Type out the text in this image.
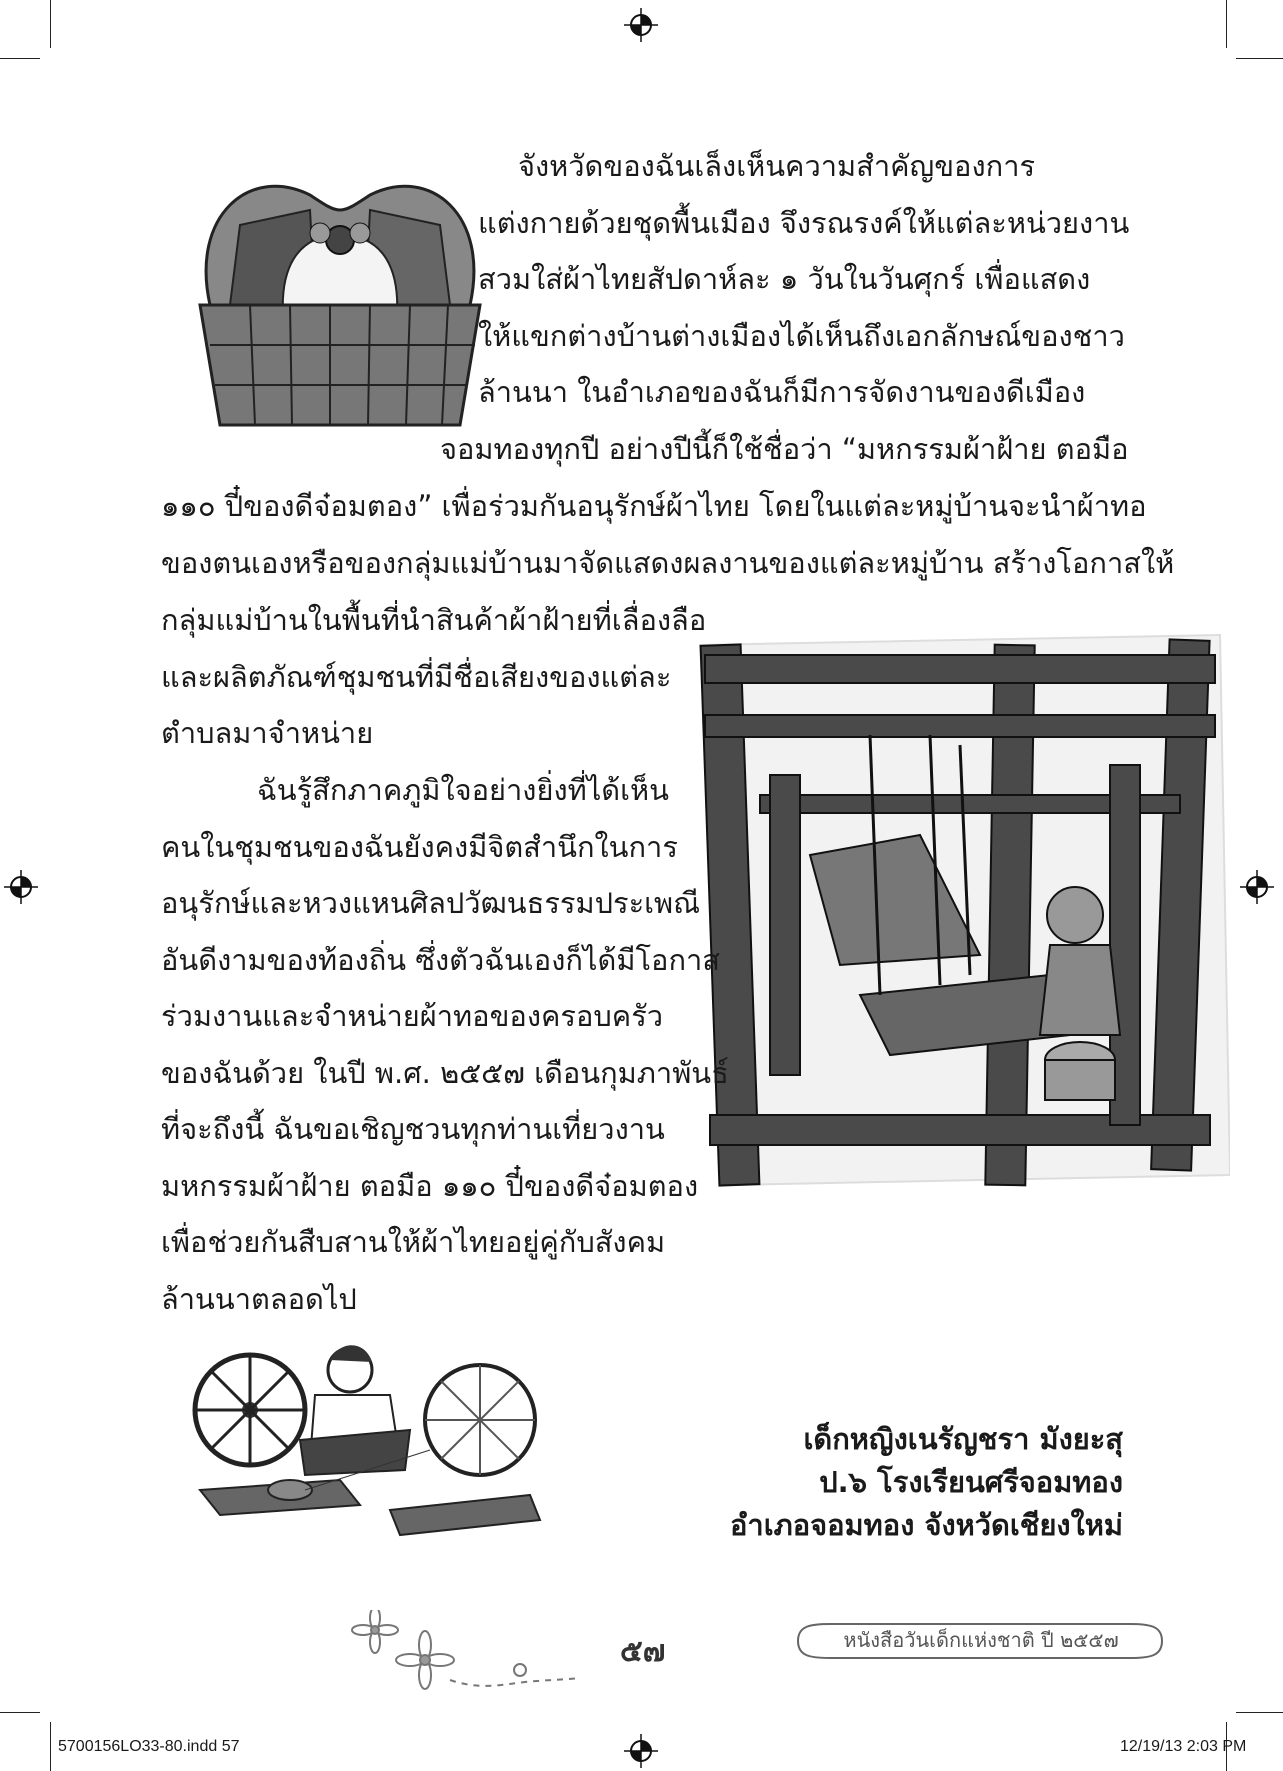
จังหวัดของฉันเล็งเห็นความสำคัญของการ
แต่งกายด้วยชุดพื้นเมือง จึงรณรงค์ให้แต่ละหน่วยงาน
สวมใส่ผ้าไทยสัปดาห์ละ ๑ วันในวันศุกร์ เพื่อแสดง
ให้แขกต่างบ้านต่างเมืองได้เห็นถึงเอกลักษณ์ของชาว
ล้านนา ในอำเภอของฉันก็มีการจัดงานของดีเมือง
จอมทองทุกปี อย่างปีนี้ก็ใช้ชื่อว่า “มหกรรมผ้าฝ้าย ตอมือ
๑๑๐ ปี๋ของดีจ๋อมตอง” เพื่อร่วมกันอนุรักษ์ผ้าไทย โดยในแต่ละหมู่บ้านจะนำผ้าทอ
ของตนเองหรือของกลุ่มแม่บ้านมาจัดแสดงผลงานของแต่ละหมู่บ้าน สร้างโอกาสให้
กลุ่มแม่บ้านในพื้นที่นำสินค้าผ้าฝ้ายที่เลื่องลือ
และผลิตภัณฑ์ชุมชนที่มีชื่อเสียงของแต่ละ
ตำบลมาจำหน่าย
ฉันรู้สึกภาคภูมิใจอย่างยิ่งที่ได้เห็น
คนในชุมชนของฉันยังคงมีจิตสำนึกในการ
อนุรักษ์และหวงแหนศิลปวัฒนธรรมประเพณี
อันดีงามของท้องถิ่น ซึ่งตัวฉันเองก็ได้มีโอกาส
ร่วมงานและจำหน่ายผ้าทอของครอบครัว
ของฉันด้วย ในปี พ.ศ. ๒๕๕๗ เดือนกุมภาพันธ์
ที่จะถึงนี้ ฉันขอเชิญชวนทุกท่านเที่ยวงาน
มหกรรมผ้าฝ้าย ตอมือ ๑๑๐ ปี๋ของดีจ๋อมตอง
เพื่อช่วยกันสืบสานให้ผ้าไทยอยู่คู่กับสังคม
ล้านนาตลอดไป
เด็กหญิงเนรัญชรา มังยะสุ
ป.๖ โรงเรียนศรีจอมทอง
อำเภอจอมทอง จังหวัดเชียงใหม่
๕๗	หนังสือวันเด็กแห่งชาติ ปี ๒๕๕๗
5700156LO33-80.indd 57	12/19/13 2:03 PM
